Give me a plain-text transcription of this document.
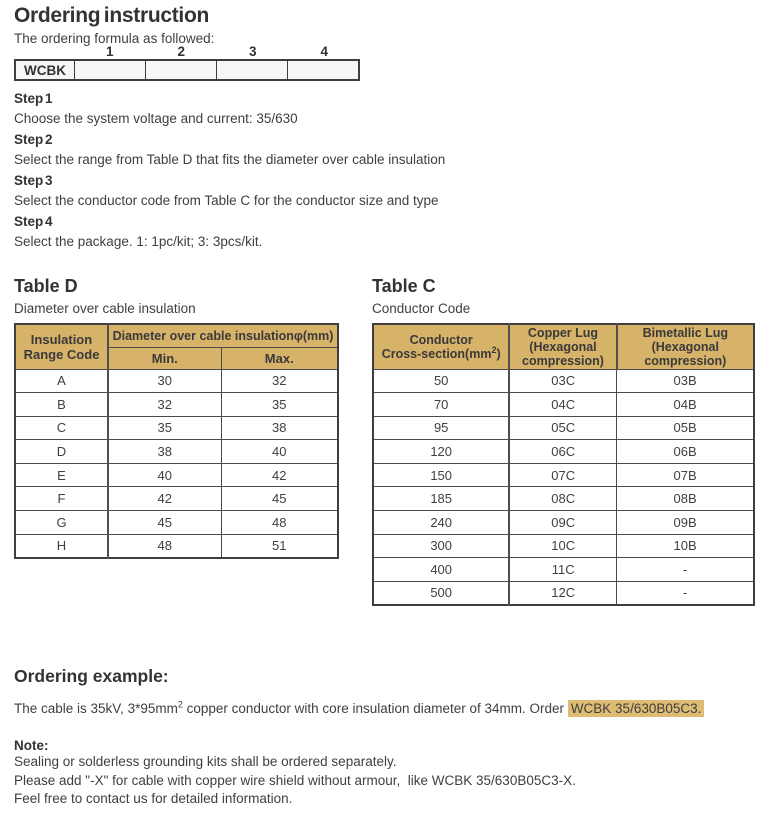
Ordering instruction
The ordering formula as followed:
1	2	3	4
WCBK
Step 1
Choose the system voltage and current: 35/630
Step 2
Select the range from Table D that fits the diameter over cable insulation
Step 3
Select the conductor code from Table C for the conductor size and type
Step 4
Select the package. 1: 1pc/kit; 3: 3pcs/kit.
Table D
Diameter over cable insulation
Insulation
Range Code	Diameter over cable insulationφ(mm)	
	Min.	Max.
A	30	32
B	32	35
C	35	38
D	38	40
E	40	42
F	42	45
G	45	48
H	48	51
Table C
Conductor Code
Conductor
Cross-$section(mm^2)$	Copper Lug
(Hexagonal
compression)	Bimetallic Lug
(Hexagonal
compression)

50	03C	03B
70	04C	04B
95	05C	05B
120	06C	06B
150	07C	07B
185	08C	08B
240	09C	09B
300	10C	10B
400	11C	-
500	12C	-
Ordering example:
The cable is 35kV, $3*95mm^2$ copper conductor with core insulation diameter of 34mm. Order WCBK 35/630B05C3.
Note:
Sealing or solderless grounding kits shall be ordered separately.
Please add "-X" for cable with copper wire shield without armour,  like WCBK 35/630B05C3-X.
Feel free to contact us for detailed information.
